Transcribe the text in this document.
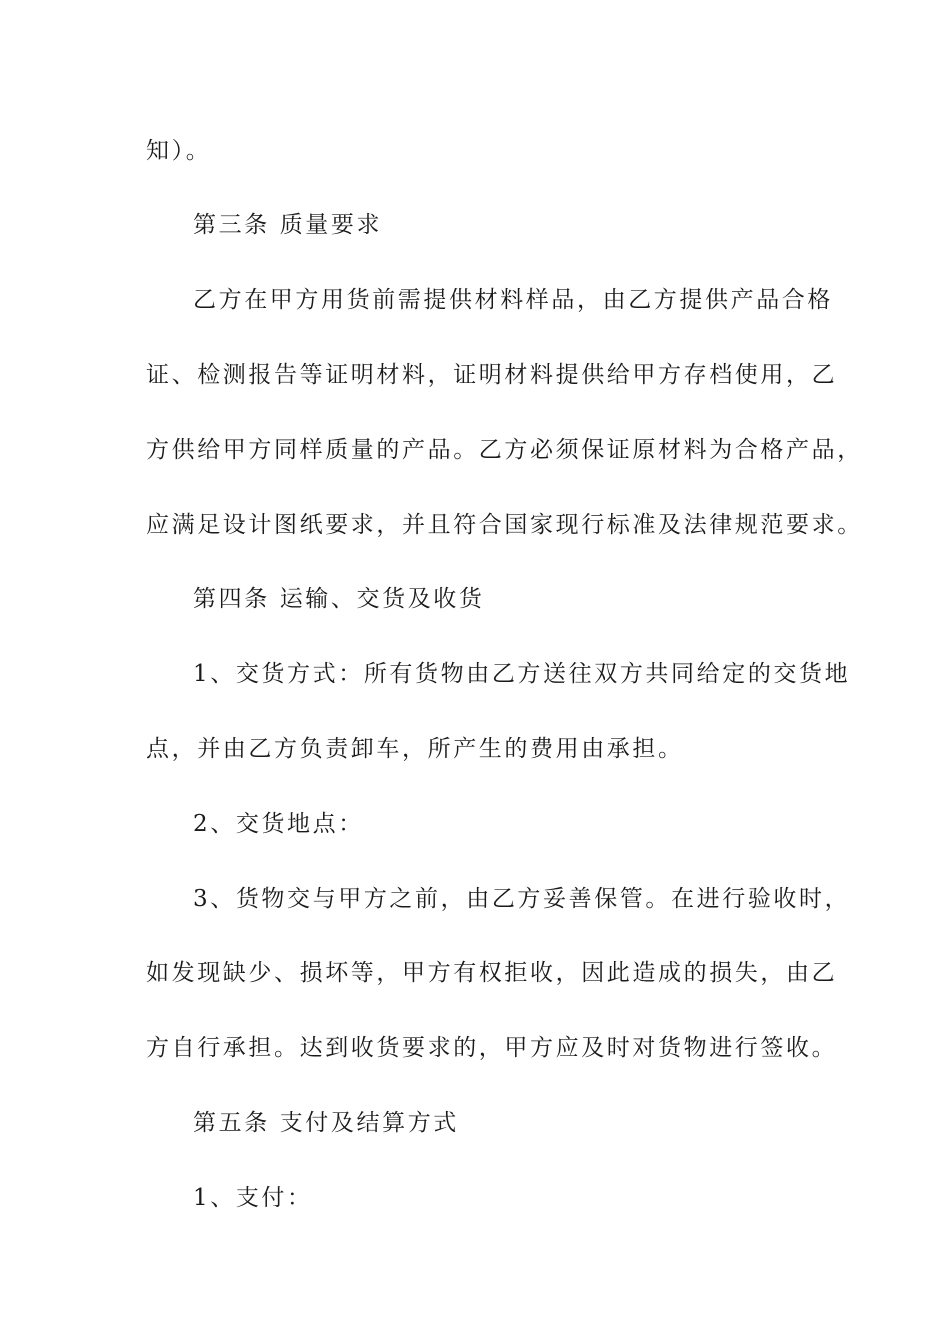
知）。
第三条 质量要求
乙方在甲方用货前需提供材料样品，由乙方提供产品合格
证、检测报告等证明材料，证明材料提供给甲方存档使用，乙
方供给甲方同样质量的产品。乙方必须保证原材料为合格产品，
应满足设计图纸要求，并且符合国家现行标准及法律规范要求。
第四条 运输、交货及收货
1、交货方式：所有货物由乙方送往双方共同给定的交货地
点，并由乙方负责卸车，所产生的费用由承担。
2、交货地点：
3、货物交与甲方之前，由乙方妥善保管。在进行验收时，
如发现缺少、损坏等，甲方有权拒收，因此造成的损失，由乙
方自行承担。达到收货要求的，甲方应及时对货物进行签收。
第五条 支付及结算方式
1、支付：
